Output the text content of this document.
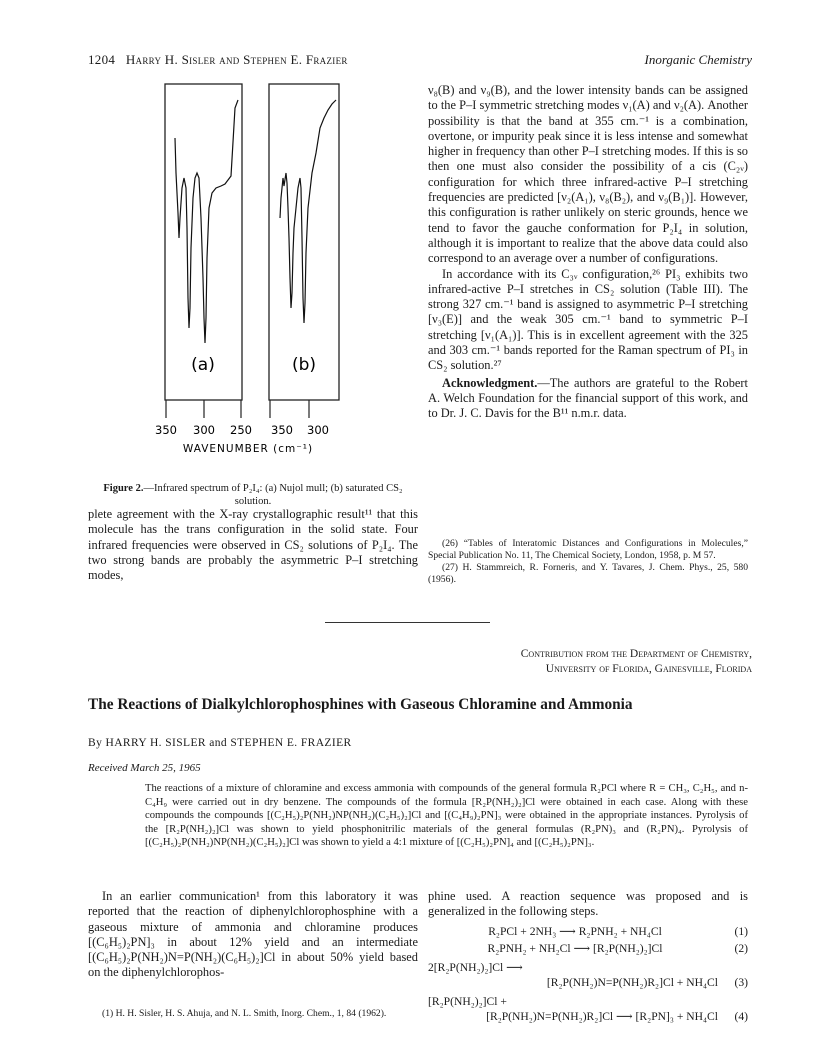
1204 Harry H. Sisler and Stephen E. Frazier	Inorganic Chemistry
(a)	(b)
350 300 250 350 300
WAVENUMBER (cm⁻¹)
Figure 2.—Infrared spectrum of P₂I₄: (a) Nujol mull; (b) saturated CS₂ solution.
plete agreement with the X-ray crystallographic result¹¹ that this molecule has the trans configuration in the solid state. Four infrared frequencies were observed in CS₂ solutions of P₂I₄. The two strong bands are probably the asymmetric P–I stretching modes,

ν₈(B) and ν₉(B), and the lower intensity bands can be assigned to the P–I symmetric stretching modes ν₁(A) and ν₂(A). Another possibility is that the band at 355 cm.⁻¹ is a combination, overtone, or impurity peak since it is less intense and somewhat higher in frequency than other P–I stretching modes. If this is so then one must also consider the possibility of a cis (C₂ᵥ) configuration for which three infrared-active P–I stretching frequencies are predicted [ν₂(A₁), ν₈(B₂), and ν₉(B₁)]. However, this configuration is rather unlikely on steric grounds, hence we tend to favor the gauche conformation for P₂I₄ in solution, although it is important to realize that the above data could also correspond to an average over a number of configurations.

In accordance with its C₃ᵥ configuration,²⁶ PI₃ exhibits two infrared-active P–I stretches in CS₂ solution (Table III). The strong 327 cm.⁻¹ band is assigned to asymmetric P–I stretching [ν₃(E)] and the weak 305 cm.⁻¹ band to symmetric P–I stretching [ν₁(A₁)]. This is in excellent agreement with the 325 and 303 cm.⁻¹ bands reported for the Raman spectrum of PI₃ in CS₂ solution.²⁷

Acknowledgment.—The authors are grateful to the Robert A. Welch Foundation for the financial support of this work, and to Dr. J. C. Davis for the B¹¹ n.m.r. data.

(26) “Tables of Interatomic Distances and Configurations in Molecules,” Special Publication No. 11, The Chemical Society, London, 1958, p. M 57.

(27) H. Stammreich, R. Forneris, and Y. Tavares, J. Chem. Phys., 25, 580 (1956).

Contribution from the Department of Chemistry,
University of Florida, Gainesville, Florida
The Reactions of Dialkylchlorophosphines with Gaseous Chloramine and Ammonia
By HARRY H. SISLER and STEPHEN E. FRAZIER
Received March 25, 1965
The reactions of a mixture of chloramine and excess ammonia with compounds of the general formula R₂PCl where R = CH₃, C₂H₅, and n-C₄H₉ were carried out in dry benzene. The compounds of the formula [R₂P(NH₂)₂]Cl were obtained in each case. Along with these compounds the compounds [(C₂H₅)₂P(NH₂)NP(NH₂)(C₂H₅)₂]Cl and [(C₄H₉)₂PN]₃ were obtained in the appropriate instances. Pyrolysis of the [R₂P(NH₂)₂]Cl was shown to yield phosphonitrilic materials of the general formulas (R₂PN)₃ and (R₂PN)₄. Pyrolysis of [(C₂H₅)₂P(NH₂)NP(NH₂)(C₂H₅)₂]Cl was shown to yield a 4:1 mixture of [(C₂H₅)₂PN]₄ and [(C₂H₅)₂PN]₃.

In an earlier communication¹ from this laboratory it was reported that the reaction of diphenylchlorophosphine with a gaseous mixture of ammonia and chloramine produces [(C₆H₅)₂PN]₃ in about 12% yield and an intermediate [(C₆H₅)₂P(NH₂)N=P(NH₂)(C₆H₅)₂]Cl in about 50% yield based on the diphenylchlorophos-

(1) H. H. Sisler, H. S. Ahuja, and N. L. Smith, Inorg. Chem., 1, 84 (1962).

phine used. A reaction sequence was proposed and is generalized in the following steps.

R₂PCl + 2NH₃ ⟶ R₂PNH₂ + NH₄Cl	(1)
R₂PNH₂ + NH₂Cl ⟶ [R₂P(NH₂)₂]Cl	(2)
2[R₂P(NH₂)₂]Cl ⟶
[R₂P(NH₂)N=P(NH₂)R₂]Cl + NH₄Cl	(3)
[R₂P(NH₂)₂]Cl +
[R₂P(NH₂)N=P(NH₂)R₂]Cl ⟶ [R₂PN]₃ + NH₄Cl	(4)
